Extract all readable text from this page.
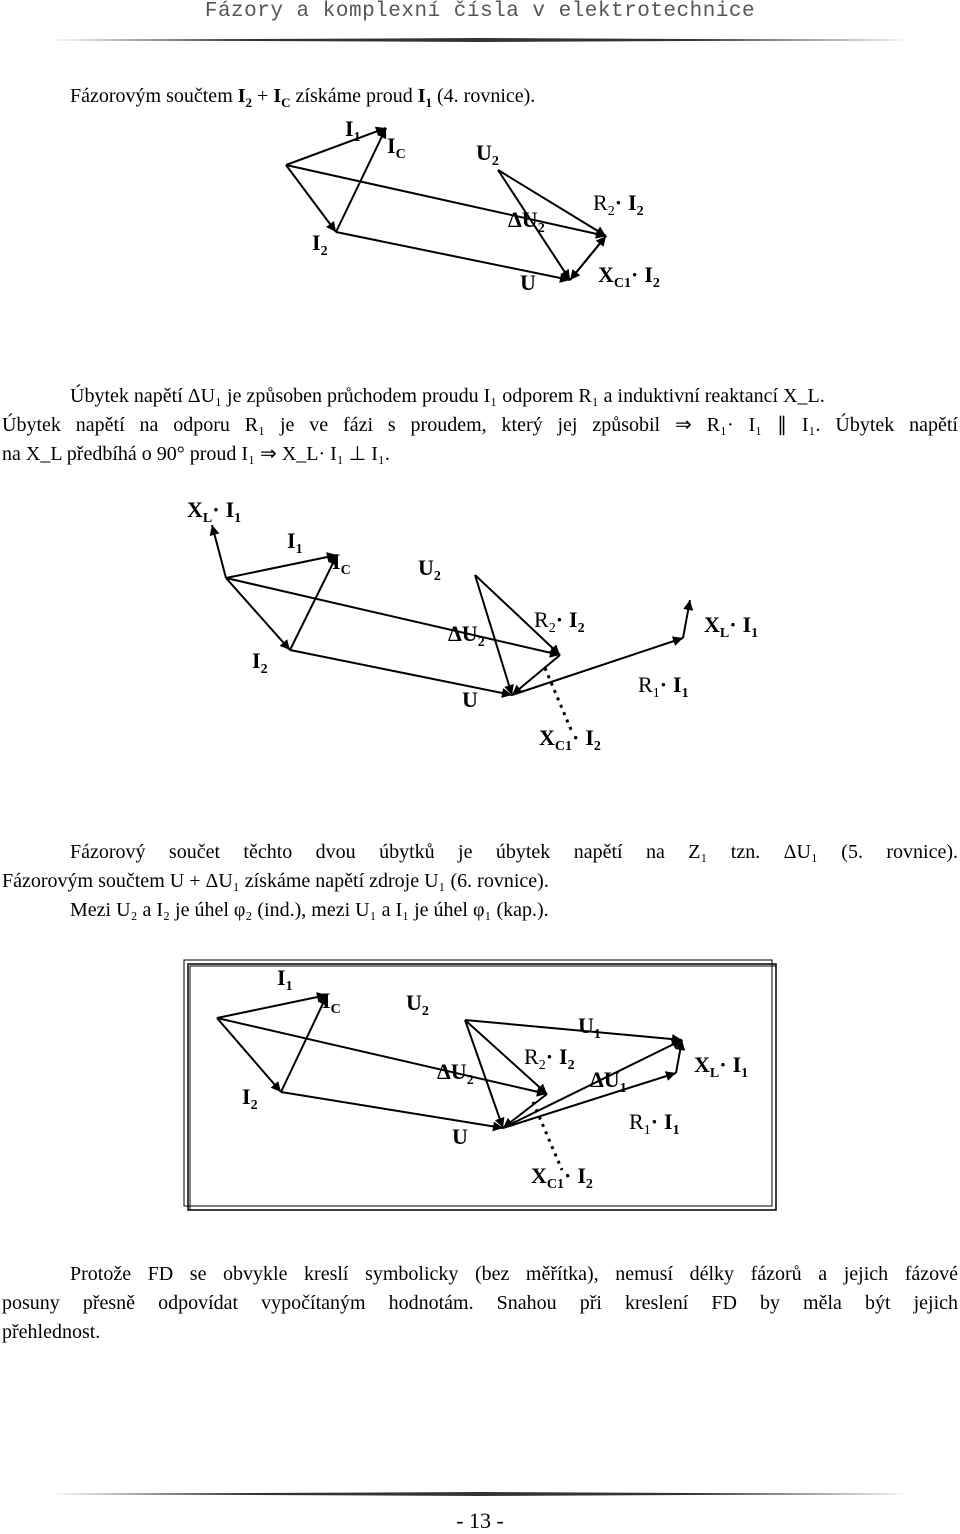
Fázory a komplexní čísla v elektrotechnice
Fázorovým součtem $I_2 + I_C$ získáme proud $I_1$ (4. rovnice).
$I_1$ $I_C$	$U_2$
$I_2$
$\Delta U_2$
$R_2\cdot I_2$
U	$X_{C1}\cdot I_2$
$X_L\cdot I_1$
$I_1$ $I_C$	$U_2$
$I_2$
$\Delta U_2$
$R_2\cdot I_2$	$X_L\cdot I_1$
$R_1\cdot I_1$
U
$X_{C1}\cdot I_2$
$I_1$
$I_C$	$U_2$
$U_1$
$I_2$
$\Delta U_2$
$R_2\cdot I_2$
$\Delta U_1$
$X_L\cdot I_1$
$R_1\cdot I_1$
U
$X_{C1}\cdot I_2$
Úbytek napětí ΔU₁ je způsoben průchodem proudu I₁ odporem R₁ a induktivní reaktancí X_L.
Úbytek napětí na odporu R₁ je ve fázi s proudem, který jej způsobil ⇒ R₁· I₁ ∥ I₁. Úbytek napětí
na X_L předbíhá o 90° proud I₁ ⇒ X_L· I₁ ⊥ I₁.
Fázorový součet těchto dvou úbytků je úbytek napětí na Z₁ tzn. ΔU₁ (5. rovnice).
Fázorovým součtem U + ΔU₁ získáme napětí zdroje U₁ (6. rovnice).
Mezi U₂ a I₂ je úhel φ₂ (ind.), mezi U₁ a I₁ je úhel φ₁ (kap.).
Protože FD se obvykle kreslí symbolicky (bez měřítka), nemusí délky fázorů a jejich fázové
posuny přesně odpovídat vypočítaným hodnotám. Snahou při kreslení FD by měla být jejich
přehlednost.
- 13 -
